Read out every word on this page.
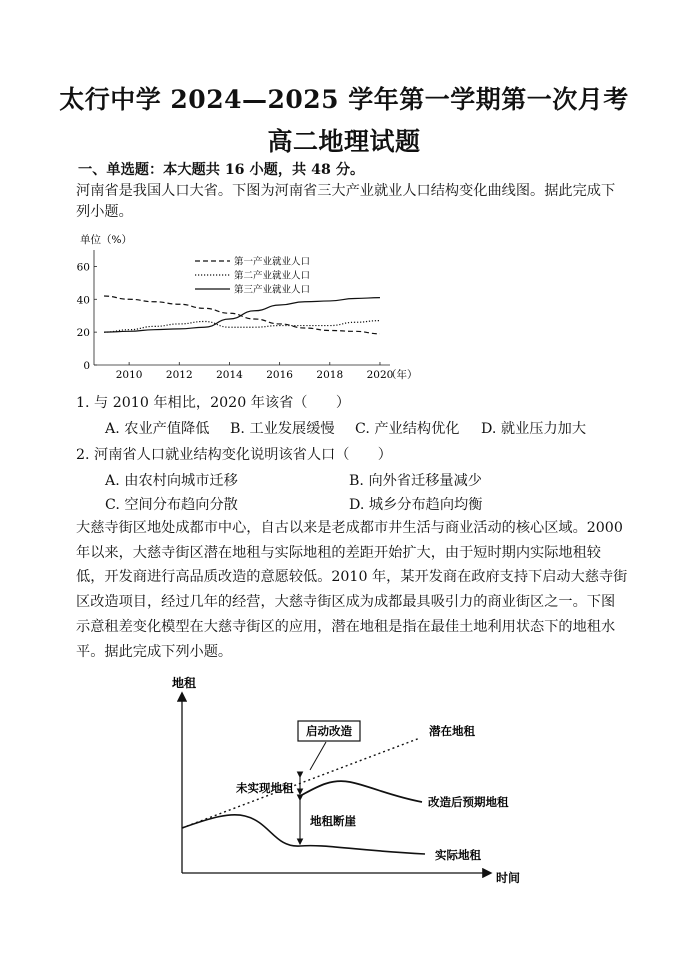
太行中学 2024—2025 学年第一学期第一次月考
高二地理试题
一、单选题：本大题共 16 小题，共 48 分。
河南省是我国人口大省。下图为河南省三大产业就业人口结构变化曲线图。据此完成下
列小题。
单位（%）
0
20
40
60
2010 2012 2014 2016 2018 2020
第一产业就业人口
第二产业就业人口
第三产业就业人口
（年）
1. 与 2010 年相比，2020 年该省（　　）
A. 农业产值降低 B. 工业发展缓慢 C. 产业结构优化 D. 就业压力加大
2. 河南省人口就业结构变化说明该省人口（　　）
A. 由农村向城市迁移	B. 向外省迁移量减少
C. 空间分布趋向分散	D. 城乡分布趋向均衡
大慈寺街区地处成都市中心，自古以来是老成都市井生活与商业活动的核心区域。2000
年以来，大慈寺街区潜在地租与实际地租的差距开始扩大，由于短时期内实际地租较
低，开发商进行高品质改造的意愿较低。2010 年，某开发商在政府支持下启动大慈寺街
区改造项目，经过几年的经营，大慈寺街区成为成都最具吸引力的商业街区之一。下图
示意租差变化模型在大慈寺街区的应用，潜在地租是指在最佳土地利用状态下的地租水
平。据此完成下列小题。
地租
时间
启动改造	潜在地租
未实现地租
改造后预期地租
地租断崖
实际地租
